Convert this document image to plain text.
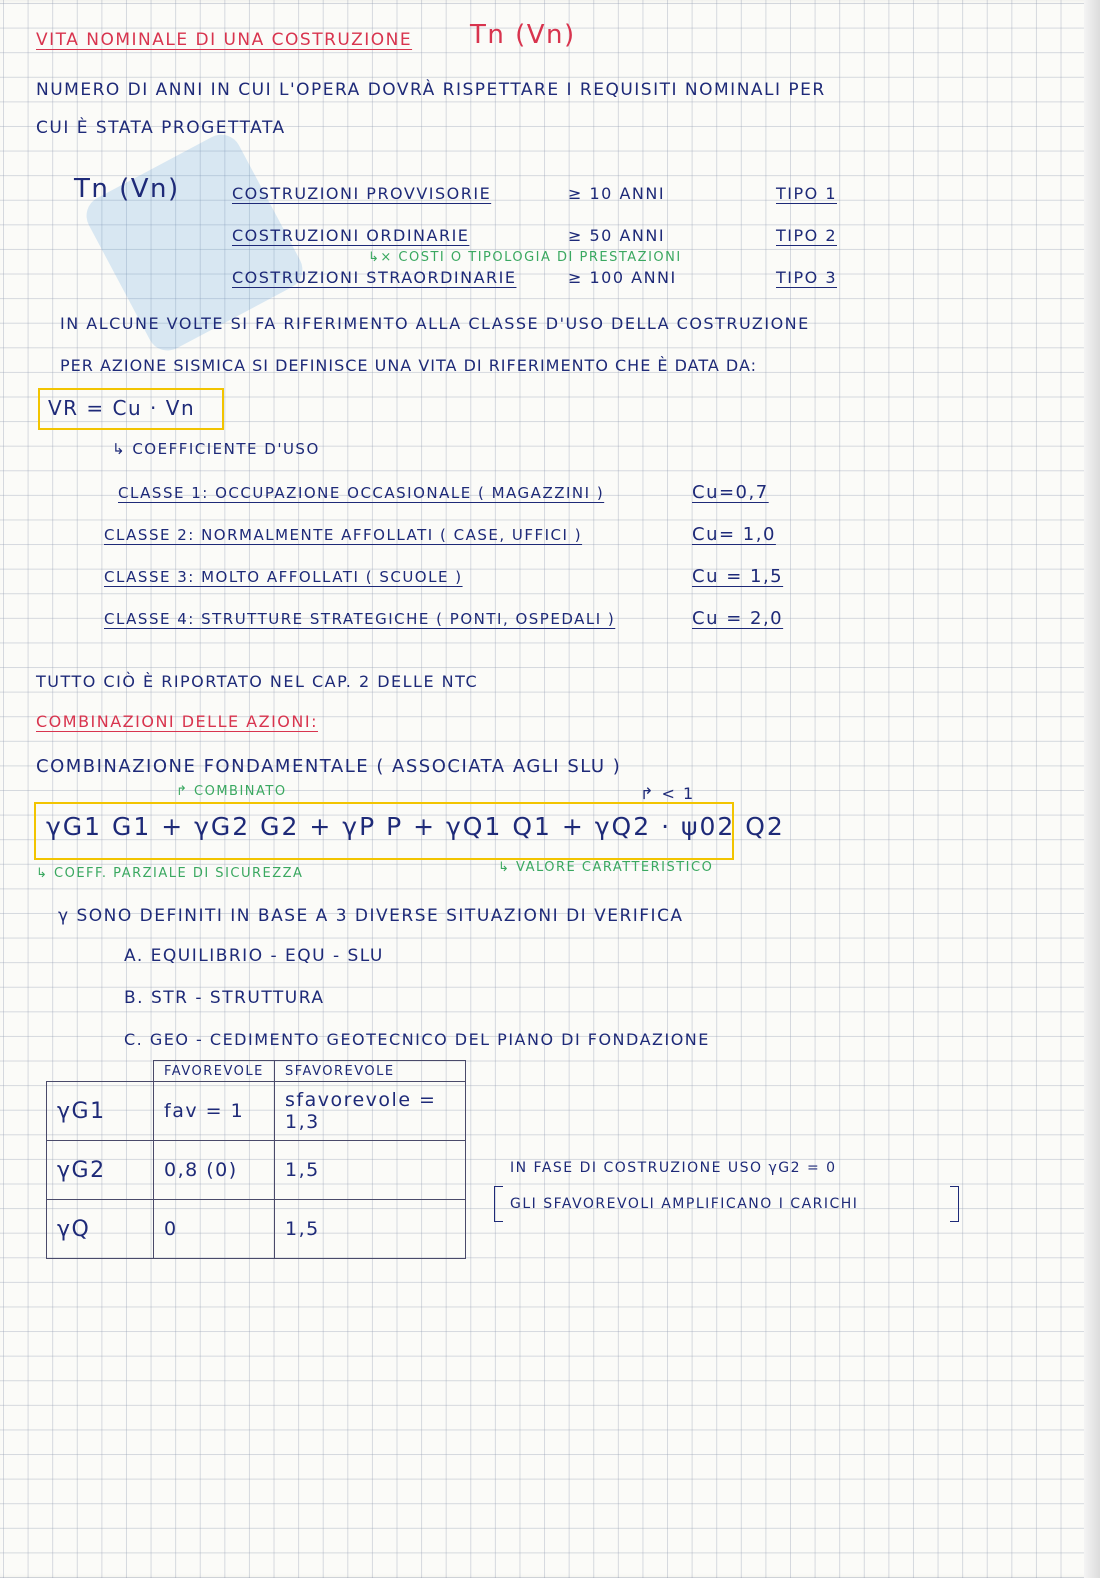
VITA NOMINALE DI UNA COSTRUZIONE Tn (Vn)
NUMERO DI ANNI IN CUI L'OPERA DOVRÀ RISPETTARE I REQUISITI NOMINALI PER
CUI È STATA PROGETTATA
Tn (Vn)	COSTRUZIONI PROVVISORIE	≥ 10 ANNI	TIPO 1
COSTRUZIONI ORDINARIE	≥ 50 ANNI	TIPO 2
↳× COSTI O TIPOLOGIA DI PRESTAZIONI
COSTRUZIONI STRAORDINARIE	≥ 100 ANNI	TIPO 3
IN ALCUNE VOLTE SI FA RIFERIMENTO ALLA CLASSE D'USO DELLA COSTRUZIONE
PER AZIONE SISMICA SI DEFINISCE UNA VITA DI RIFERIMENTO CHE È DATA DA:
VR = Cu · Vn
↳ COEFFICIENTE D'USO
CLASSE 1: OCCUPAZIONE OCCASIONALE ( MAGAZZINI )	Cu=0,7
CLASSE 2: NORMALMENTE AFFOLLATI ( CASE, UFFICI )	Cu= 1,0
CLASSE 3: MOLTO AFFOLLATI ( SCUOLE )	Cu = 1,5
CLASSE 4: STRUTTURE STRATEGICHE ( PONTI, OSPEDALI )	Cu = 2,0
TUTTO CIÒ È RIPORTATO NEL CAP. 2 DELLE NTC
COMBINAZIONI DELLE AZIONI:
COMBINAZIONE FONDAMENTALE ( ASSOCIATA AGLI SLU )
↱ COMBINATO	↱ < 1
γG1 G1 + γG2 G2 + γP P + γQ1 Q1 + γQ2 · ψ02 Q2
↳ COEFF. PARZIALE DI SICUREZZA	↳ VALORE CARATTERISTICO
γ SONO DEFINITI IN BASE A 3 DIVERSE SITUAZIONI DI VERIFICA
A. EQUILIBRIO - EQU - SLU
B. STR - STRUTTURA
C. GEO - CEDIMENTO GEOTECNICO DEL PIANO DI FONDAZIONE
	FAVOREVOLE	SFAVOREVOLE
γG1	fav = 1	sfavorevole = 1,3
γG2	0,8 (0)	1,5
γQ	0	1,5
IN FASE DI COSTRUZIONE USO γG2 = 0
GLI SFAVOREVOLI AMPLIFICANO I CARICHI
